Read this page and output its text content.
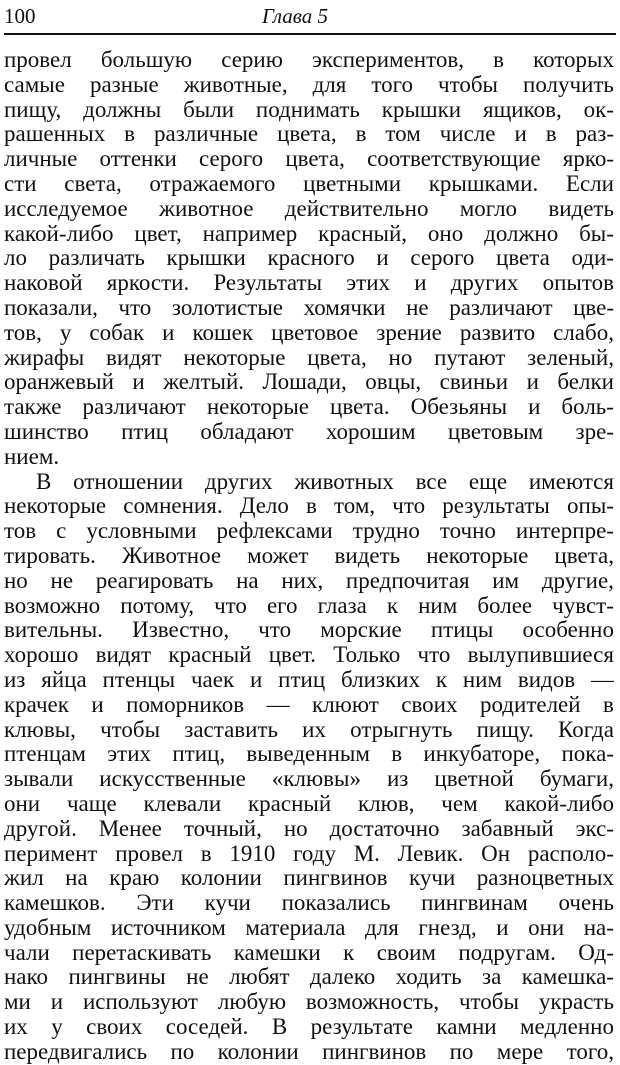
100	Глава 5
провел большую серию экспериментов, в которых
самые разные животные, для того чтобы получить
пищу, должны были поднимать крышки ящиков, ок-
рашенных в различные цвета, в том числе и в раз-
личные оттенки серого цвета, соответствующие ярко-
сти света, отражаемого цветными крышками. Если
исследуемое животное действительно могло видеть
какой-либо цвет, например красный, оно должно бы-
ло различать крышки красного и серого цвета оди-
наковой яркости. Результаты этих и других опытов
показали, что золотистые хомячки не различают цве-
тов, у собак и кошек цветовое зрение развито слабо,
жирафы видят некоторые цвета, но путают зеленый,
оранжевый и желтый. Лошади, овцы, свиньи и белки
также различают некоторые цвета. Обезьяны и боль-
шинство птиц обладают хорошим цветовым зре-
нием.
В отношении других животных все еще имеются
некоторые сомнения. Дело в том, что результаты опы-
тов с условными рефлексами трудно точно интерпре-
тировать. Животное может видеть некоторые цвета,
но не реагировать на них, предпочитая им другие,
возможно потому, что его глаза к ним более чувст-
вительны. Известно, что морские птицы особенно
хорошо видят красный цвет. Только что вылупившиеся
из яйца птенцы чаек и птиц близких к ним видов —
крачек и поморников — клюют своих родителей в
клювы, чтобы заставить их отрыгнуть пищу. Когда
птенцам этих птиц, выведенным в инкубаторе, пока-
зывали искусственные «клювы» из цветной бумаги,
они чаще клевали красный клюв, чем какой-либо
другой. Менее точный, но достаточно забавный экс-
перимент провел в 1910 году М. Левик. Он располо-
жил на краю колонии пингвинов кучи разноцветных
камешков. Эти кучи показались пингвинам очень
удобным источником материала для гнезд, и они на-
чали перетаскивать камешки к своим подругам. Од-
нако пингвины не любят далеко ходить за камешка-
ми и используют любую возможность, чтобы украсть
их у своих соседей. В результате камни медленно
передвигались по колонии пингвинов по мере того,
